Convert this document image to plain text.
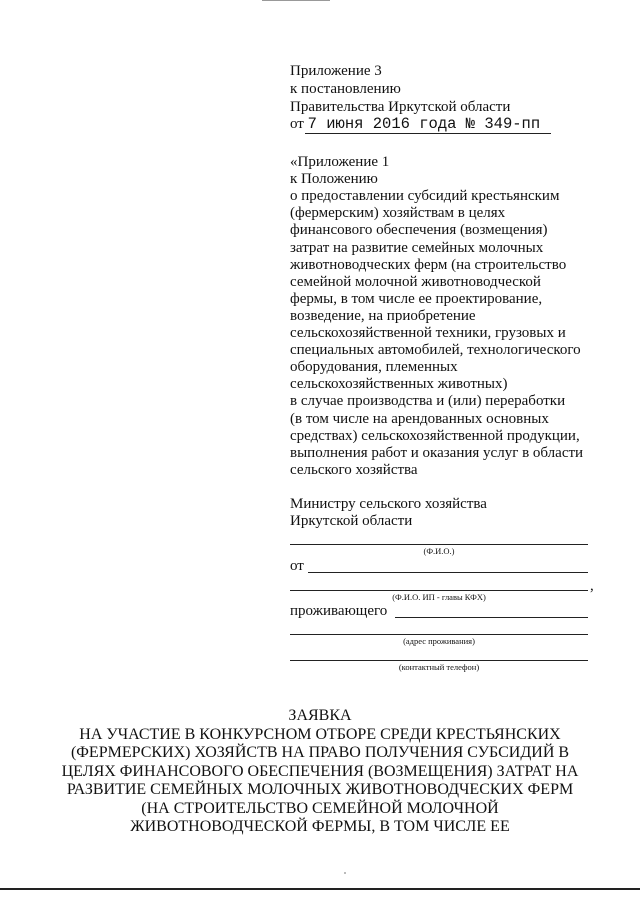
Приложение 3
к постановлению
Правительства Иркутской области
от 7 июня 2016 года № 349-пп
«Приложение 1
к Положению
о предоставлении субсидий крестьянским
(фермерским) хозяйствам в целях
финансового обеспечения (возмещения)
затрат на развитие семейных молочных
животноводческих ферм (на строительство
семейной молочной животноводческой
фермы, в том числе ее проектирование,
возведение, на приобретение
сельскохозяйственной техники, грузовых и
специальных автомобилей, технологического
оборудования, племенных
сельскохозяйственных животных)
в случае производства и (или) переработки
(в том числе на арендованных основных
средствах) сельскохозяйственной продукции,
выполнения работ и оказания услуг в области
сельского хозяйства
Министру сельского хозяйства
Иркутской области
(Ф.И.О.)
от
,
(Ф.И.О. ИП - главы КФХ)
проживающего
(адрес проживания)
(контактный телефон)
ЗАЯВКА
НА УЧАСТИЕ В КОНКУРСНОМ ОТБОРЕ СРЕДИ КРЕСТЬЯНСКИХ
(ФЕРМЕРСКИХ) ХОЗЯЙСТВ НА ПРАВО ПОЛУЧЕНИЯ СУБСИДИЙ В
ЦЕЛЯХ ФИНАНСОВОГО ОБЕСПЕЧЕНИЯ (ВОЗМЕЩЕНИЯ) ЗАТРАТ НА
РАЗВИТИЕ СЕМЕЙНЫХ МОЛОЧНЫХ ЖИВОТНОВОДЧЕСКИХ ФЕРМ
(НА СТРОИТЕЛЬСТВО СЕМЕЙНОЙ МОЛОЧНОЙ
ЖИВОТНОВОДЧЕСКОЙ ФЕРМЫ, В ТОМ ЧИСЛЕ ЕЕ
